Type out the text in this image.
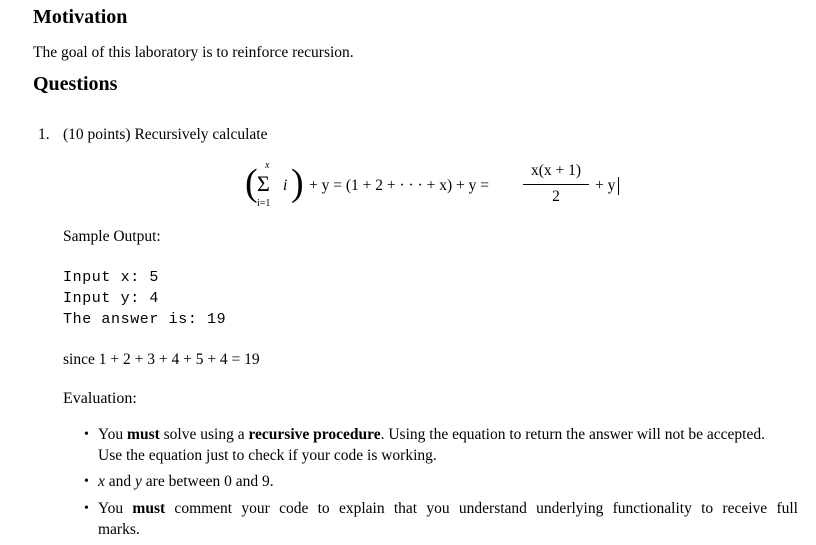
Motivation
The goal of this laboratory is to reinforce recursion.
Questions
1. (10 points) Recursively calculate
( x
Σ
i=1
i ) + y = (1 + 2 + · · · + x) + y =
x(x + 1)
2
+ y
Sample Output:
Input x: 5
Input y: 4
The answer is: 19
since 1 + 2 + 3 + 4 + 5 + 4 = 19
Evaluation:
• You must solve using a recursive procedure. Using the equation to return the answer will not be accepted.
Use the equation just to check if your code is working.
• x and y are between 0 and 9.
• You must comment your code to explain that you understand underlying functionality to receive full
marks.
